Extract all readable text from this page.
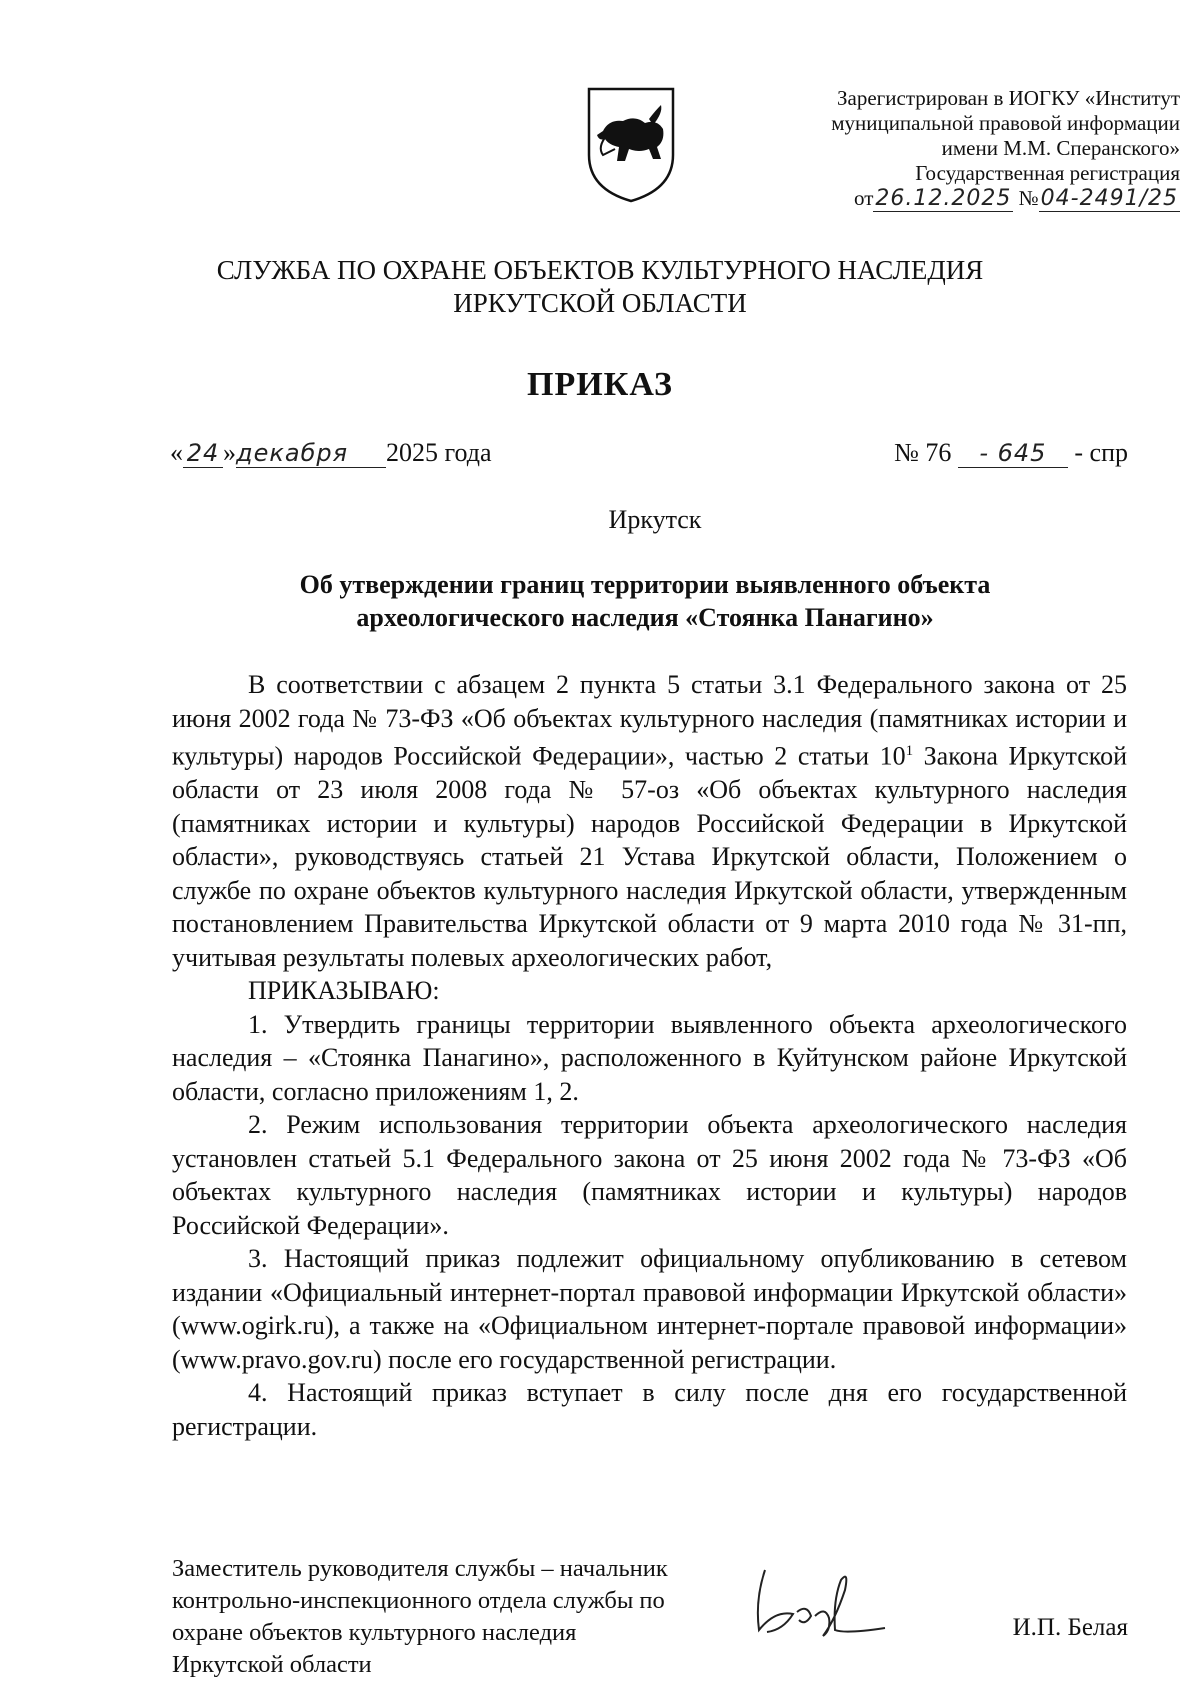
Зарегистрирован в ИОГКУ «Институт
муниципальной правовой информации
имени М.М. Сперанского»
Государственная регистрация
от26.12.2025 №04-2491/25
СЛУЖБА ПО ОХРАНЕ ОБЪЕКТОВ КУЛЬТУРНОГО НАСЛЕДИЯ
ИРКУТСКОЙ ОБЛАСТИ
ПРИКАЗ
« 24 »декабря 2025 года	№ 76 - 645 - спр
Иркутск
Об утверждении границ территории выявленного объекта
археологического наследия «Стоянка Панагино»

В соответствии с абзацем 2 пункта 5 статьи 3.1 Федерального закона от 25 июня 2002 года № 73-ФЗ «Об объектах культурного наследия (памятниках истории и культуры) народов Российской Федерации», частью 2 статьи $10^1$ Закона Иркутской области от 23 июля 2008 года № 57-оз «Об объектах культурного наследия (памятниках истории и культуры) народов Российской Федерации в Иркутской области», руководствуясь статьей 21 Устава Иркутской области, Положением о службе по охране объектов культурного наследия Иркутской области, утвержденным постановлением Правительства Иркутской области от 9 марта 2010 года № 31-пп, учитывая результаты полевых археологических работ,

ПРИКАЗЫВАЮ:

1. Утвердить границы территории выявленного объекта археологического наследия – «Стоянка Панагино», расположенного в Куйтунском районе Иркутской области, согласно приложениям 1, 2.

2. Режим использования территории объекта археологического наследия установлен статьей 5.1 Федерального закона от 25 июня 2002 года № 73-ФЗ «Об объектах культурного наследия (памятниках истории и культуры) народов Российской Федерации».

3. Настоящий приказ подлежит официальному опубликованию в сетевом издании «Официальный интернет-портал правовой информации Иркутской области» (www.ogirk.ru), а также на «Официальном интернет-портале правовой информации» (www.pravo.gov.ru) после его государственной регистрации.

4. Настоящий приказ вступает в силу после дня его государственной регистрации.

Заместитель руководителя службы – начальник
контрольно-инспекционного отдела службы по
охране объектов культурного наследия
Иркутской области
И.П. Белая
